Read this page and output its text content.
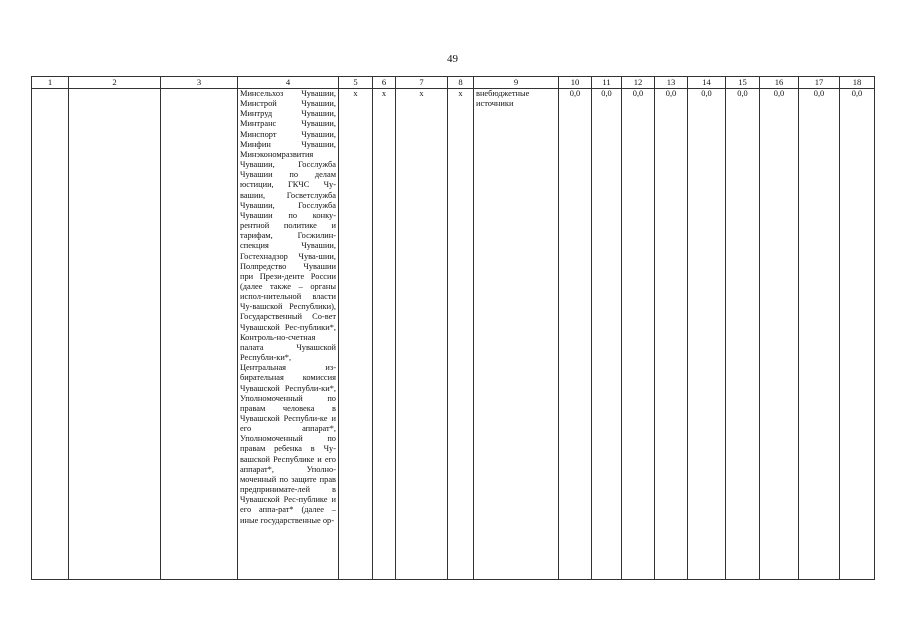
49
1	2	3	4	5	6	7	8	9	10	11	12	13	14	15	16	17	18
			Минсельхоз Чувашии, Минстрой Чувашии, Минтруд Чувашии, Минтранс Чувашии, Минспорт Чувашии, Минфин Чувашии, Минэкономразвития Чувашии, Госслужба Чувашии по делам юстиции, ГКЧС Чу-вашии, Госветслужба Чувашии, Госслужба Чувашии по конку-рентной политике и тарифам, Госжилин-спекция Чувашии, Гостехнадзор Чува-шии, Полпредство Чувашии при Прези-денте России (далее также – органы испол-нительной власти Чу-вашской Республики), Государственный Со-вет Чувашской Рес-публики*, Контроль-но-счетная палата Чувашской Республи-ки*, Центральная из-бирательная комиссия Чувашской Республи-ки*, Уполномоченный по правам человека в Чувашской Республи-ке и его аппарат*, Уполномоченный по правам ребенка в Чу-вашской Республике и его аппарат*, Уполно-моченный по защите прав предпринимате-лей в Чувашской Рес-публике и его аппа-рат* (далее – иные государственные ор-	x	x	x	x	внебюджетные источники	0,0	0,0	0,0	0,0	0,0	0,0	0,0	0,0	0,0
